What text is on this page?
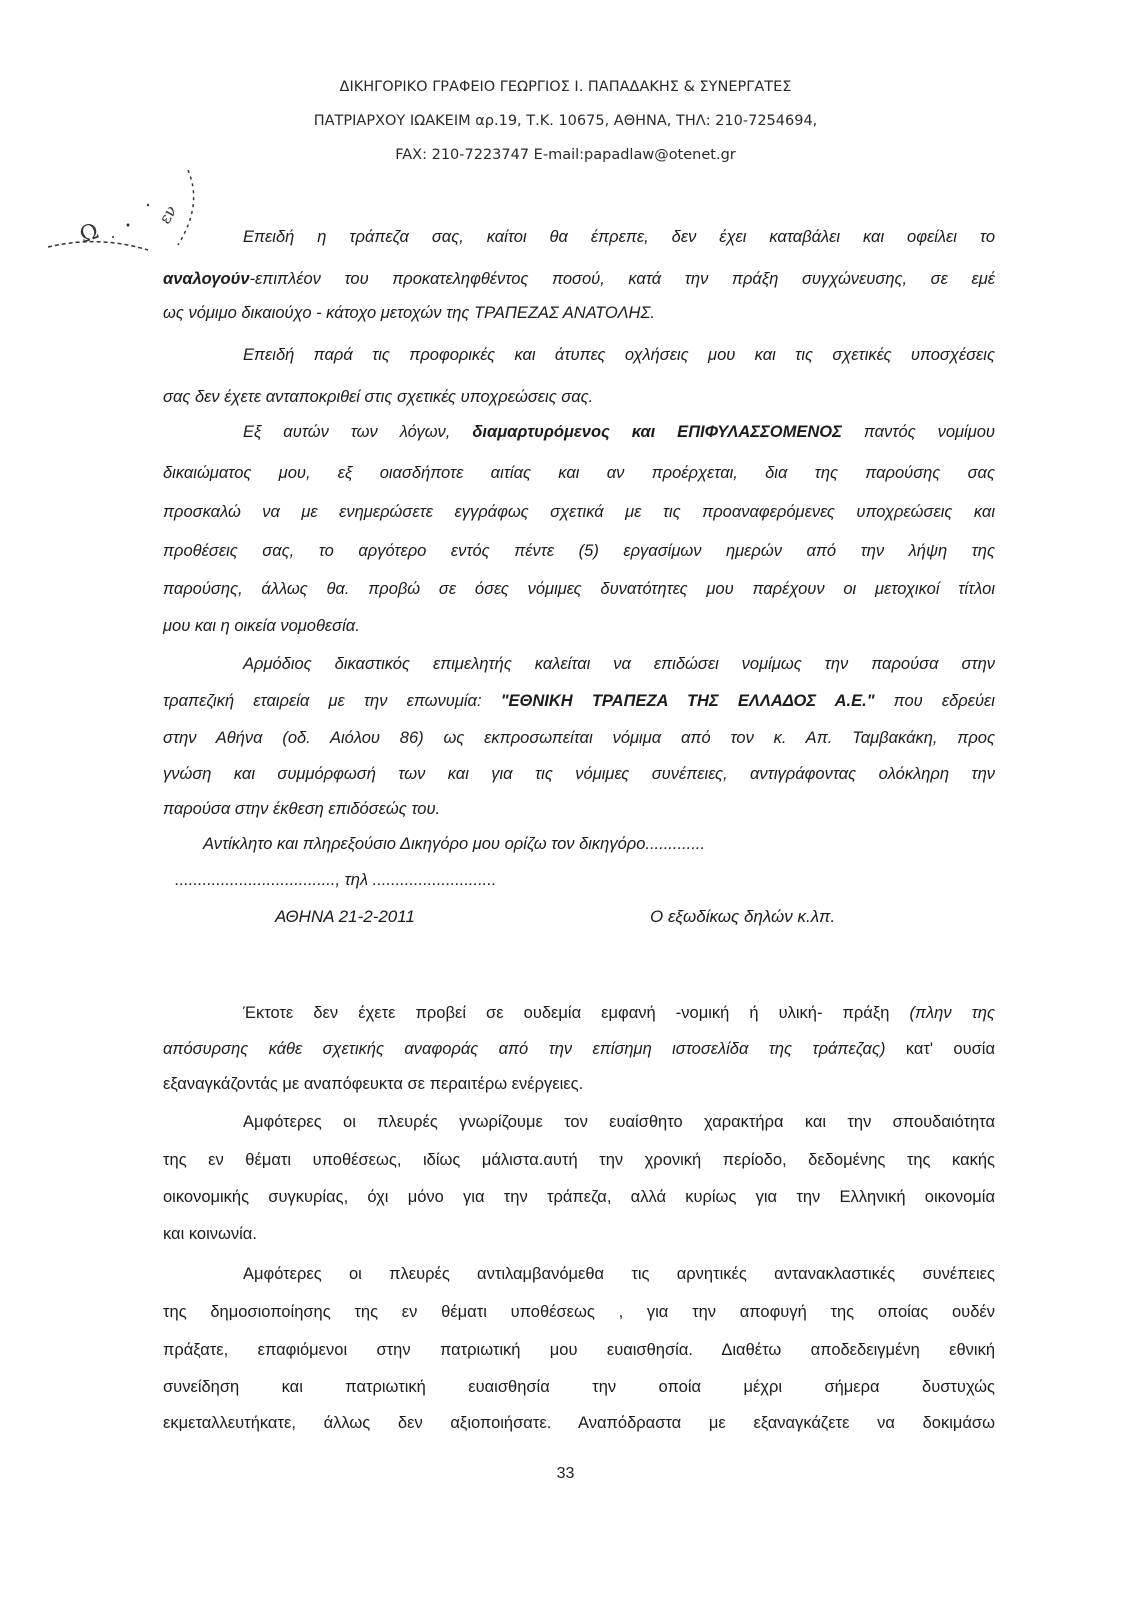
ΔΙΚΗΓΟΡΙΚΟ ΓΡΑΦΕΙΟ ΓΕΩΡΓΙΟΣ Ι. ΠΑΠΑΔΑΚΗΣ & ΣΥΝΕΡΓΑΤΕΣ
ΠΑΤΡΙΑΡΧΟΥ ΙΩΑΚΕΙΜ αρ.19, Τ.Κ. 10675, ΑΘΗΝΑ, ΤΗΛ: 210-7254694,
FAX: 210-7223747 E-mail:papadlaw@otenet.gr
Ω
εν
Επειδή η τράπεζα σας, καίτοι θα έπρεπε, δεν έχει καταβάλει και οφείλει το
αναλογούν-επιπλέον του προκατεληφθέντος ποσού, κατά την πράξη συγχώνευσης, σε εμέ
ως νόμιμο δικαιούχο - κάτοχο μετοχών της ΤΡΑΠΕΖΑΣ ΑΝΑΤΟΛΗΣ.
Επειδή παρά τις προφορικές και άτυπες οχλήσεις μου και τις σχετικές υποσχέσεις
σας δεν έχετε ανταποκριθεί στις σχετικές υποχρεώσεις σας.
Εξ αυτών των λόγων, διαμαρτυρόμενος και ΕΠΙΦΥΛΑΣΣΟΜΕΝΟΣ παντός νομίμου
δικαιώματος μου, εξ οιασδήποτε αιτίας και αν προέρχεται, δια της παρούσης σας
προσκαλώ να με ενημερώσετε εγγράφως σχετικά με τις προαναφερόμενες υποχρεώσεις και
προθέσεις σας, το αργότερο εντός πέντε (5) εργασίμων ημερών από την λήψη της
παρούσης, άλλως θα. προβώ σε όσες νόμιμες δυνατότητες μου παρέχουν οι μετοχικοί τίτλοι
μου και η οικεία νομοθεσία.
Αρμόδιος δικαστικός επιμελητής καλείται να επιδώσει νομίμως την παρούσα στην
τραπεζική εταιρεία με την επωνυμία: "ΕΘΝΙΚΗ ΤΡΑΠΕΖΑ ΤΗΣ ΕΛΛΑΔΟΣ Α.Ε." που εδρεύει
στην Αθήνα (οδ. Αιόλου 86) ως εκπροσωπείται νόμιμα από τον κ. Απ. Ταμβακάκη, προς
γνώση και συμμόρφωσή των και για τις νόμιμες συνέπειες, αντιγράφοντας ολόκληρη την
παρούσα στην έκθεση επιδόσεώς του.
Αντίκλητο και πληρεξούσιο Δικηγόρο μου ορίζω τον δικηγόρο.............
..................................., τηλ ...........................
ΑΘΗΝΑ 21-2-2011	Ο εξωδίκως δηλών κ.λπ.
Έκτοτε δεν έχετε προβεί σε ουδεμία εμφανή -νομική ή υλική- πράξη (πλην της
απόσυρσης κάθε σχετικής αναφοράς από την επίσημη ιστοσελίδα της τράπεζας) κατ' ουσία
εξαναγκάζοντάς με αναπόφευκτα σε περαιτέρω ενέργειες.
Αμφότερες οι πλευρές γνωρίζουμε τον ευαίσθητο χαρακτήρα και την σπουδαιότητα
της εν θέματι υποθέσεως, ιδίως μάλιστα.αυτή την χρονική περίοδο, δεδομένης της κακής
οικονομικής συγκυρίας, όχι μόνο για την τράπεζα, αλλά κυρίως για την Ελληνική οικονομία
και κοινωνία.
Αμφότερες οι πλευρές αντιλαμβανόμεθα τις αρνητικές αντανακλαστικές συνέπειες
της δημοσιοποίησης της εν θέματι υποθέσεως , για την αποφυγή της οποίας ουδέν
πράξατε, επαφιόμενοι στην πατριωτική μου ευαισθησία. Διαθέτω αποδεδειγμένη εθνική
συνείδηση και πατριωτική ευαισθησία την οποία μέχρι σήμερα δυστυχώς
εκμεταλλευτήκατε, άλλως δεν αξιοποιήσατε. Αναπόδραστα με εξαναγκάζετε να δοκιμάσω
33
